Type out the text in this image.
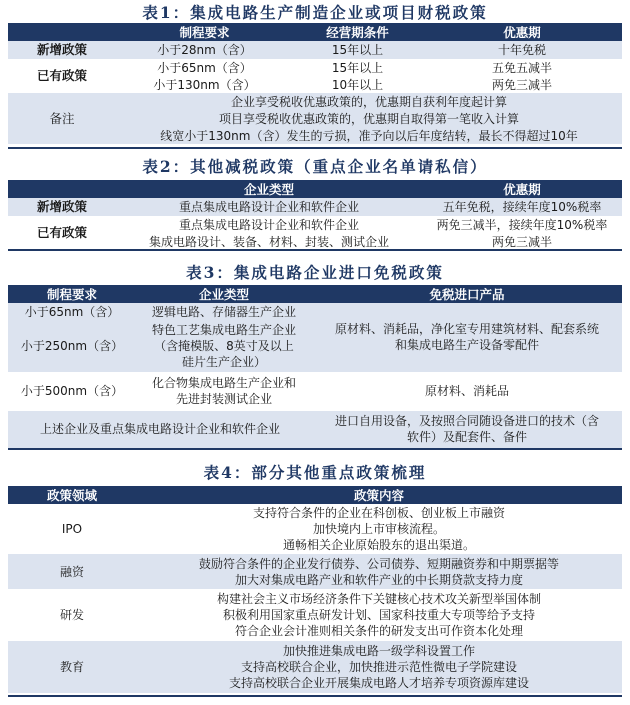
表1：集成电路生产制造企业或项目财税政策
	制程要求	经营期条件	优惠期
新增政策	小于28nm（含）	15年以上	十年免税
已有政策	小于65nm（含）	15年以上	五免五减半
	小于130nm（含）	10年以上	两免三减半
备注	企业享受税收优惠政策的，优惠期自获利年度起计算		
	项目享受税收优惠政策的，优惠期自取得第一笔收入计算		
	线宽小于130nm（含）发生的亏损，准予向以后年度结转，最长不得超过10年		
表2：其他减税政策（重点企业名单请私信）
	企业类型	优惠期
新增政策	重点集成电路设计企业和软件企业	五年免税，接续年度10%税率
已有政策	重点集成电路设计企业和软件企业	两免三减半，接续年度10%税率
	集成电路设计、装备、材料、封装、测试企业	两免三减半
表3：集成电路企业进口免税政策
制程要求	企业类型	免税进口产品
小于65nm（含）	逻辑电路、存储器生产企业	原材料、消耗品，净化室专用建筑材料、配套系统
和集成电路生产设备零配件

小于250nm（含）	特色工艺集成电路生产企业
（含掩模版、8英寸及以上
硅片生产企业）	

小于500nm（含）	化合物集成电路生产企业和
先进封装测试企业	原材料、消耗品
上述企业及重点集成电路设计企业和软件企业		进口自用设备，及按照合同随设备进口的技术（含
软件）及配套件、备件
表4：部分其他重点政策梳理
政策领域	政策内容
IPO	支持符合条件的企业在科创板、创业板上市融资
加快境内上市审核流程。
通畅相关企业原始股东的退出渠道。

融资	鼓励符合条件的企业发行债券、公司债券、短期融资券和中期票据等
加大对集成电路产业和软件产业的中长期贷款支持力度

研发	构建社会主义市场经济条件下关键核心技术攻关新型举国体制
积极利用国家重点研发计划、国家科技重大专项等给予支持
符合企业会计准则相关条件的研发支出可作资本化处理

教育	加快推进集成电路一级学科设置工作
支持高校联合企业，加快推进示范性微电子学院建设
支持高校联合企业开展集成电路人才培养专项资源库建设
